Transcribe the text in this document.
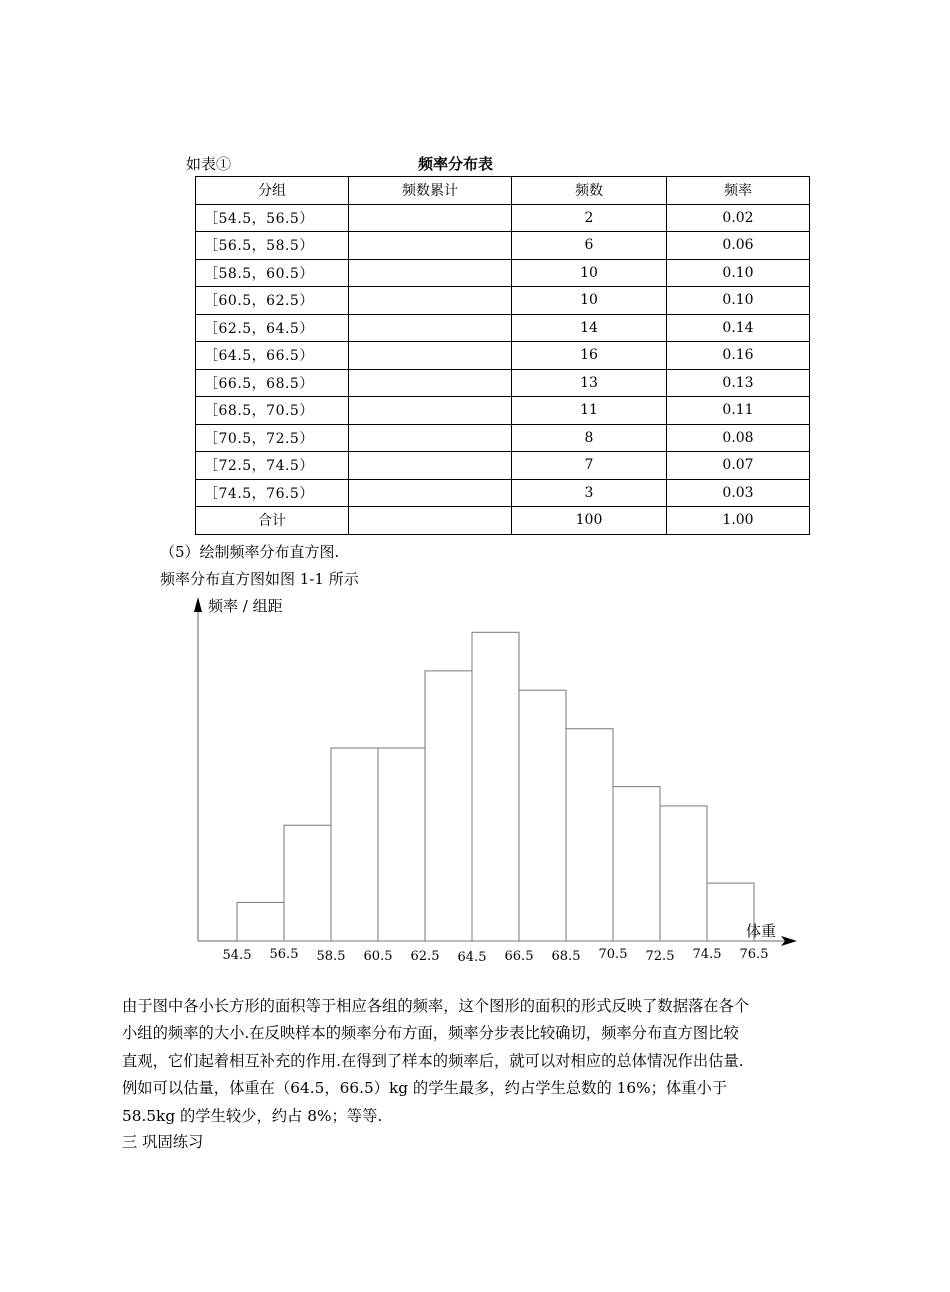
如表①	频率分布表
分组	频数累计	频数	频率
［54.5，56.5）		2	0.02
［56.5，58.5）		6	0.06
［58.5，60.5）		10	0.10
［60.5，62.5）		10	0.10
［62.5，64.5）		14	0.14
［64.5，66.5）		16	0.16
［66.5，68.5）		13	0.13
［68.5，70.5）		11	0.11
［70.5，72.5）		8	0.08
［72.5，74.5）		7	0.07
［74.5，76.5）		3	0.03
合计		100	1.00
（5）绘制频率分布直方图.
频率分布直方图如图 1-1 所示
频率 / 组距
体重
54.5 56.5 58.5 60.5 62.5 64.5 66.5 68.5 70.5 72.5 74.5 76.5

由于图中各小长方形的面积等于相应各组的频率，这个图形的面积的形式反映了数据落在各个

小组的频率的大小.在反映样本的频率分布方面，频率分步表比较确切，频率分布直方图比较

直观，它们起着相互补充的作用.在得到了样本的频率后，就可以对相应的总体情况作出估量.

例如可以估量，体重在（64.5，66.5）kg 的学生最多，约占学生总数的 16%；体重小于

58.5kg 的学生较少，约占 8%；等等.

三 巩固练习
